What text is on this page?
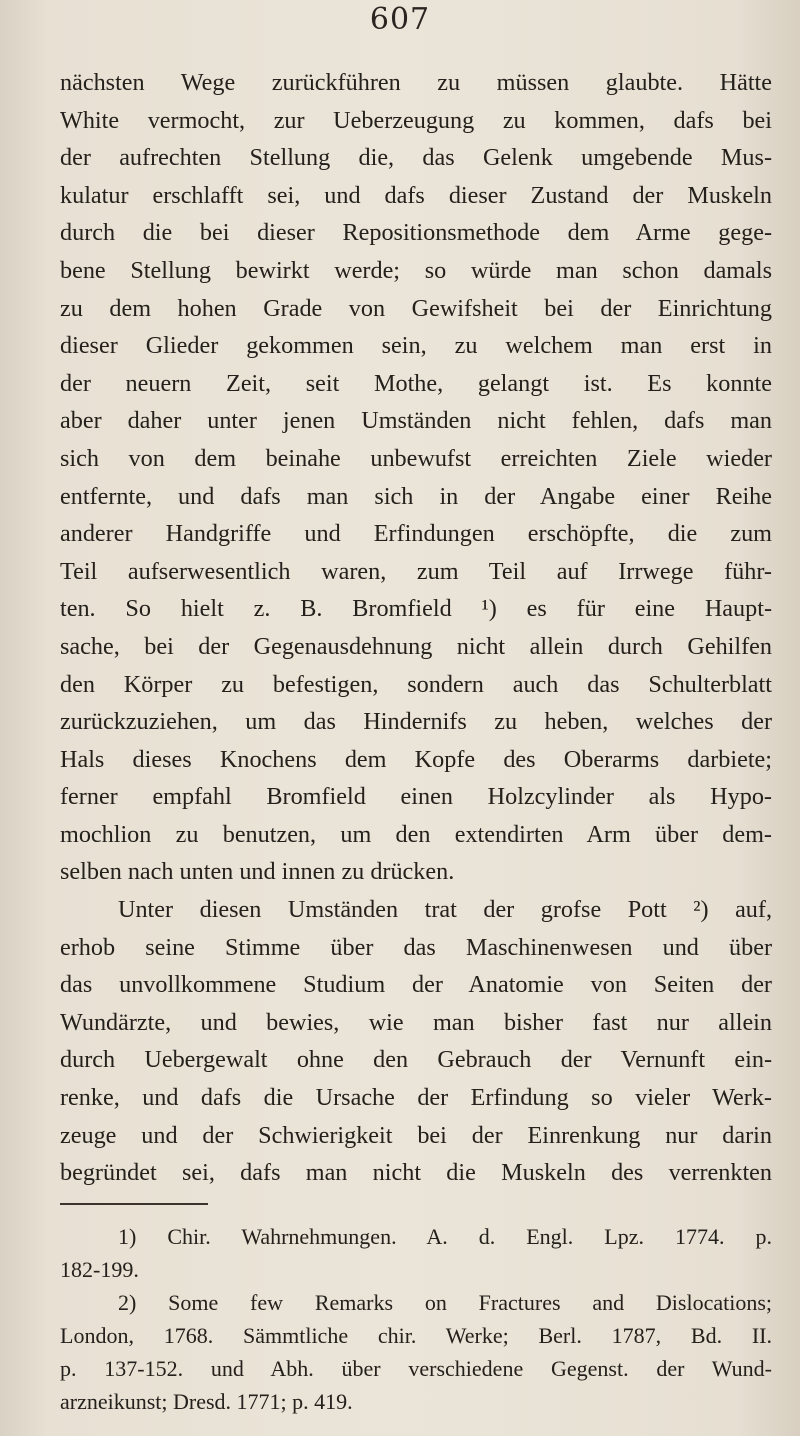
607
nächsten Wege zurückführen zu müssen glaubte. Hätte
White vermocht, zur Ueberzeugung zu kommen, dafs bei
der aufrechten Stellung die, das Gelenk umgebende Mus-
kulatur erschlafft sei, und dafs dieser Zustand der Muskeln
durch die bei dieser Repositionsmethode dem Arme gege-
bene Stellung bewirkt werde; so würde man schon damals
zu dem hohen Grade von Gewifsheit bei der Einrichtung
dieser Glieder gekommen sein, zu welchem man erst in
der neuern Zeit, seit Mothe, gelangt ist. Es konnte
aber daher unter jenen Umständen nicht fehlen, dafs man
sich von dem beinahe unbewufst erreichten Ziele wieder
entfernte, und dafs man sich in der Angabe einer Reihe
anderer Handgriffe und Erfindungen erschöpfte, die zum
Teil aufserwesentlich waren, zum Teil auf Irrwege führ-
ten. So hielt z. B. Bromfield ¹) es für eine Haupt-
sache, bei der Gegenausdehnung nicht allein durch Gehilfen
den Körper zu befestigen, sondern auch das Schulterblatt
zurückzuziehen, um das Hindernifs zu heben, welches der
Hals dieses Knochens dem Kopfe des Oberarms darbiete;
ferner empfahl Bromfield einen Holzcylinder als Hypo-
mochlion zu benutzen, um den extendirten Arm über dem-
selben nach unten und innen zu drücken.
Unter diesen Umständen trat der grofse Pott ²) auf,
erhob seine Stimme über das Maschinenwesen und über
das unvollkommene Studium der Anatomie von Seiten der
Wundärzte, und bewies, wie man bisher fast nur allein
durch Uebergewalt ohne den Gebrauch der Vernunft ein-
renke, und dafs die Ursache der Erfindung so vieler Werk-
zeuge und der Schwierigkeit bei der Einrenkung nur darin
begründet sei, dafs man nicht die Muskeln des verrenkten
1) Chir. Wahrnehmungen. A. d. Engl. Lpz. 1774. p.
182-199.
2) Some few Remarks on Fractures and Dislocations;
London, 1768. Sämmtliche chir. Werke; Berl. 1787, Bd. II.
p. 137-152. und Abh. über verschiedene Gegenst. der Wund-
arzneikunst; Dresd. 1771; p. 419.
